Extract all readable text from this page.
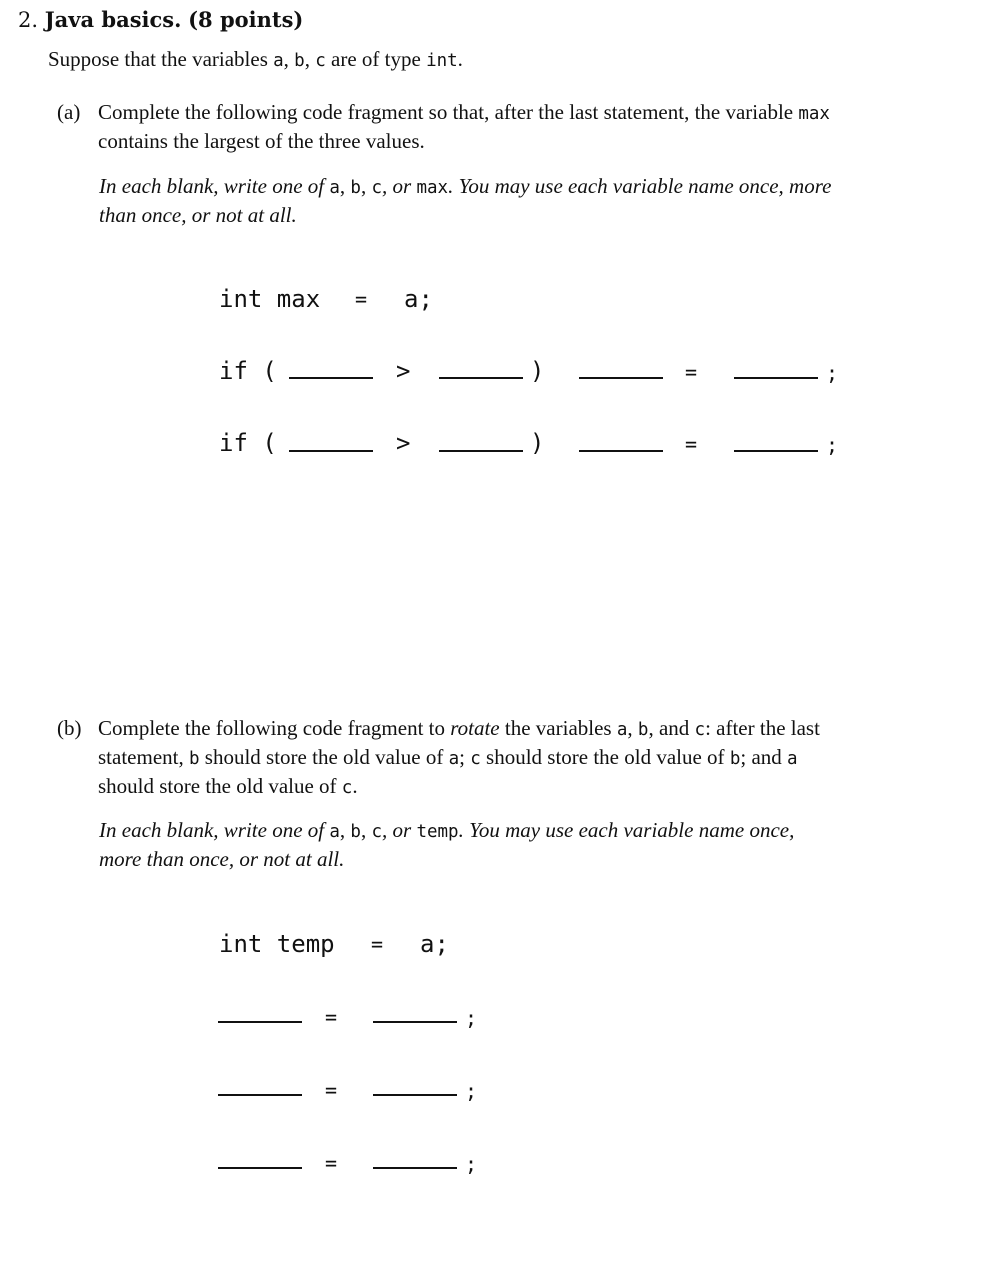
2. Java basics. (8 points)
Suppose that the variables a, b, c are of type int.
(a) Complete the following code fragment so that, after the last statement, the variable max
contains the largest of the three values.
In each blank, write one of a, b, c, or max. You may use each variable name once, more
than once, or not at all.
int max = a;
if (	>	)	=	;
if (	>	)	=	;
(b) Complete the following code fragment to rotate the variables a, b, and c: after the last
statement, b should store the old value of a; c should store the old value of b; and a
should store the old value of c.
In each blank, write one of a, b, c, or temp. You may use each variable name once,
more than once, or not at all.
int temp = a;
=	;
=	;
=	;
